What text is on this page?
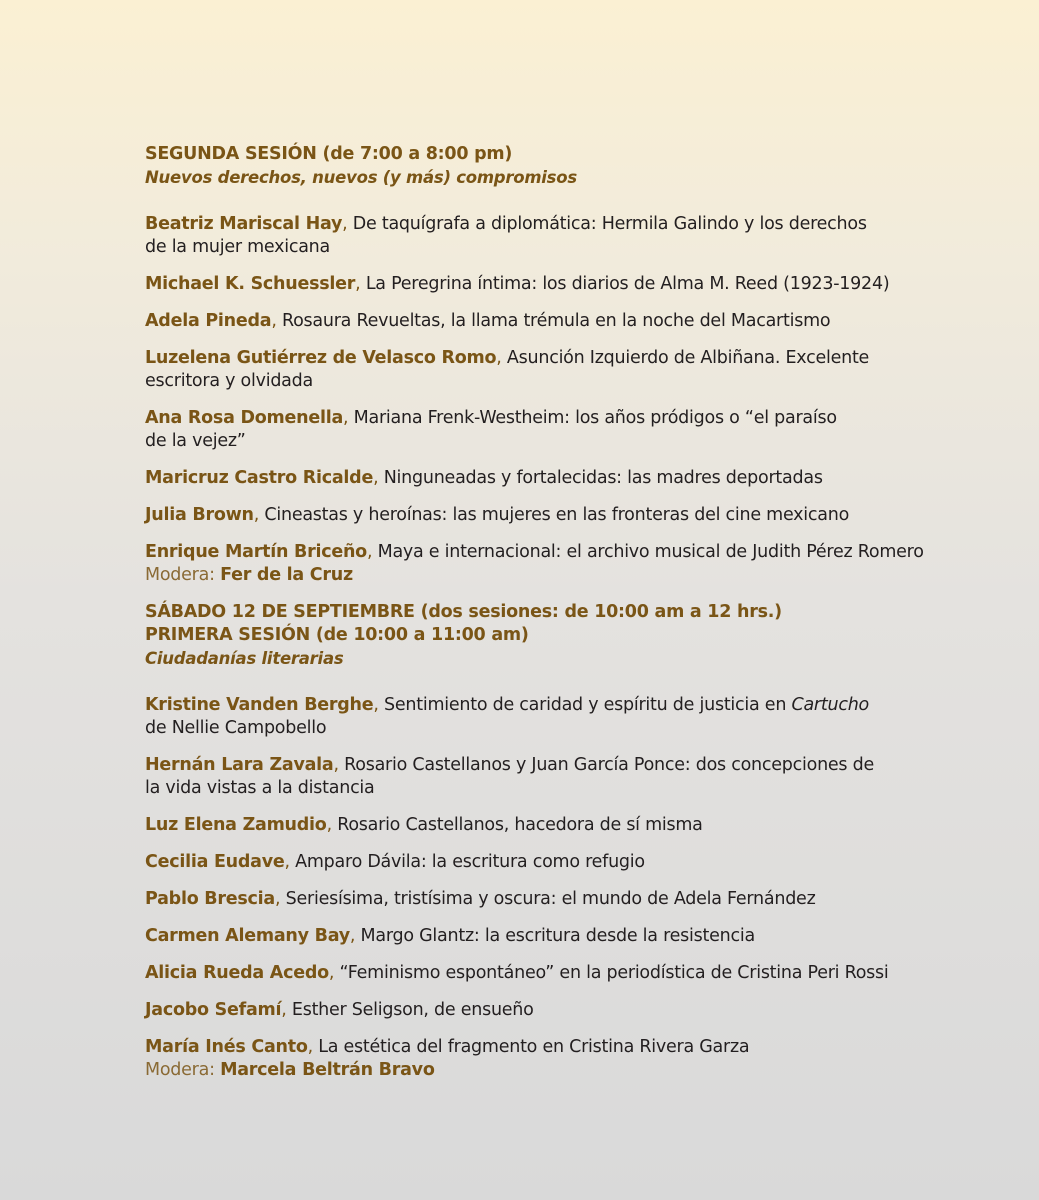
SEGUNDA SESIÓN (de 7:00 a 8:00 pm)
Nuevos derechos, nuevos (y más) compromisos
Beatriz Mariscal Hay, De taquígrafa a diplomática: Hermila Galindo y los derechos
de la mujer mexicana
Michael K. Schuessler, La Peregrina íntima: los diarios de Alma M. Reed (1923-1924)
Adela Pineda, Rosaura Revueltas, la llama trémula en la noche del Macartismo
Luzelena Gutiérrez de Velasco Romo, Asunción Izquierdo de Albiñana. Excelente
escritora y olvidada
Ana Rosa Domenella, Mariana Frenk-Westheim: los años pródigos o “el paraíso
de la vejez”
Maricruz Castro Ricalde, Ninguneadas y fortalecidas: las madres deportadas
Julia Brown, Cineastas y heroínas: las mujeres en las fronteras del cine mexicano
Enrique Martín Briceño, Maya e internacional: el archivo musical de Judith Pérez Romero
Modera: Fer de la Cruz
SÁBADO 12 DE SEPTIEMBRE (dos sesiones: de 10:00 am a 12 hrs.)
PRIMERA SESIÓN (de 10:00 a 11:00 am)
Ciudadanías literarias
Kristine Vanden Berghe, Sentimiento de caridad y espíritu de justicia en Cartucho
de Nellie Campobello
Hernán Lara Zavala, Rosario Castellanos y Juan García Ponce: dos concepciones de
la vida vistas a la distancia
Luz Elena Zamudio, Rosario Castellanos, hacedora de sí misma
Cecilia Eudave, Amparo Dávila: la escritura como refugio
Pablo Brescia, Seriesísima, tristísima y oscura: el mundo de Adela Fernández
Carmen Alemany Bay, Margo Glantz: la escritura desde la resistencia
Alicia Rueda Acedo, “Feminismo espontáneo” en la periodística de Cristina Peri Rossi
Jacobo Sefamí, Esther Seligson, de ensueño
María Inés Canto, La estética del fragmento en Cristina Rivera Garza
Modera: Marcela Beltrán Bravo
